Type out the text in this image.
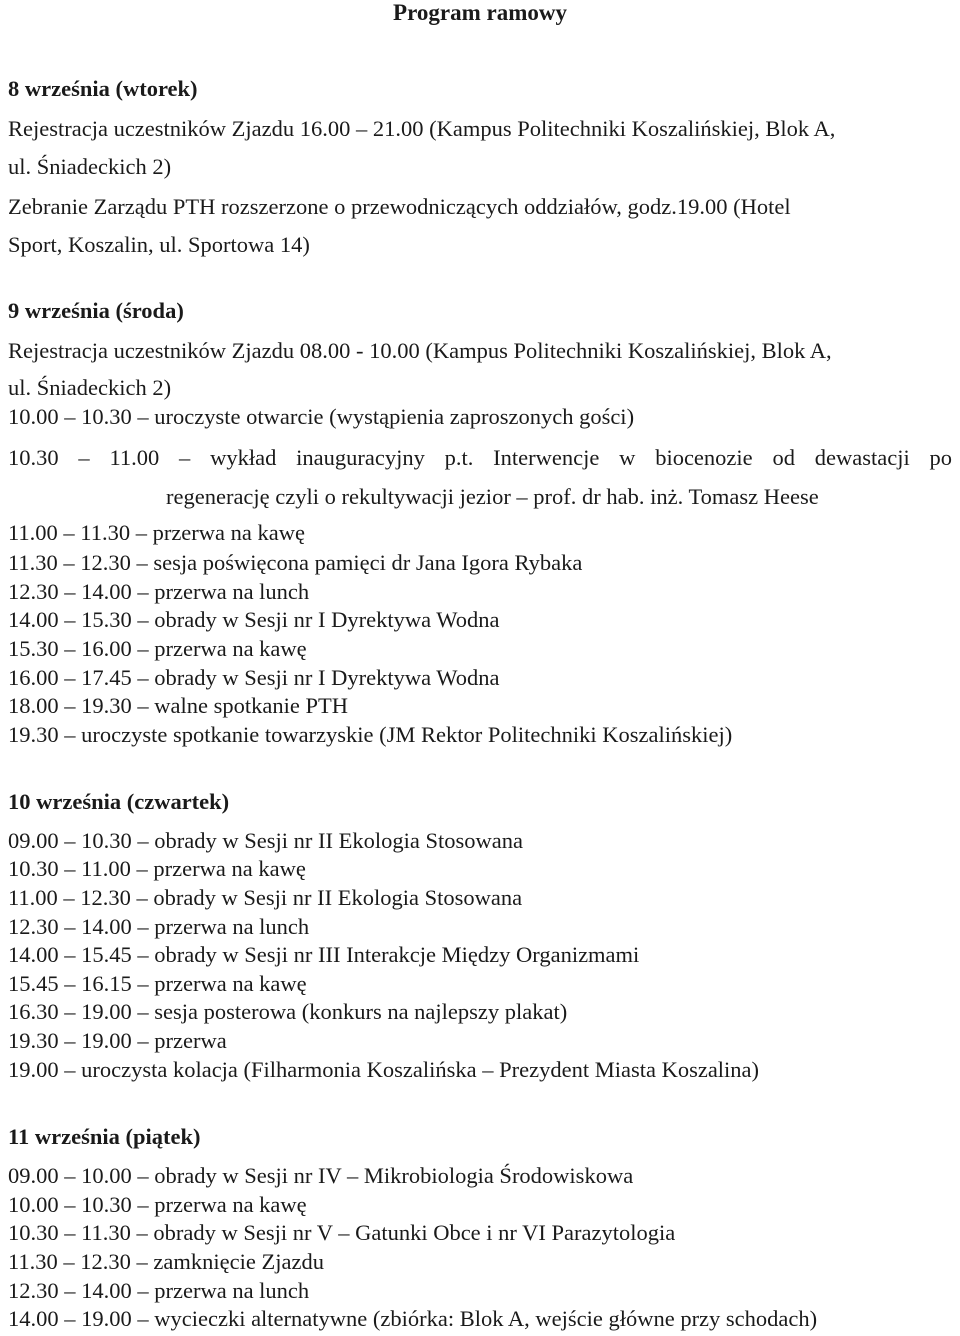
Program ramowy
8 września (wtorek)
Rejestracja uczestników Zjazdu 16.00 – 21.00 (Kampus Politechniki Koszalińskiej, Blok A,
ul. Śniadeckich 2)
Zebranie Zarządu PTH rozszerzone o przewodniczących oddziałów, godz.19.00 (Hotel
Sport, Koszalin, ul. Sportowa 14)
9 września (środa)
Rejestracja uczestników Zjazdu 08.00 - 10.00 (Kampus Politechniki Koszalińskiej, Blok A,
ul. Śniadeckich 2)
10.00 – 10.30 – uroczyste otwarcie (wystąpienia zaproszonych gości)
10.30 – 11.00 – wykład inauguracyjny p.t. Interwencje w biocenozie od dewastacji po
regenerację czyli o rekultywacji jezior – prof. dr hab. inż. Tomasz Heese
11.00 – 11.30 – przerwa na kawę
11.30 – 12.30 – sesja poświęcona pamięci dr Jana Igora Rybaka
12.30 – 14.00 – przerwa na lunch
14.00 – 15.30 – obrady w Sesji nr I Dyrektywa Wodna
15.30 – 16.00 – przerwa na kawę
16.00 – 17.45 – obrady w Sesji nr I Dyrektywa Wodna
18.00 – 19.30 – walne spotkanie PTH
19.30 – uroczyste spotkanie towarzyskie (JM Rektor Politechniki Koszalińskiej)
10 września (czwartek)
09.00 – 10.30 – obrady w Sesji nr II Ekologia Stosowana
10.30 – 11.00 – przerwa na kawę
11.00 – 12.30 – obrady w Sesji nr II Ekologia Stosowana
12.30 – 14.00 – przerwa na lunch
14.00 – 15.45 – obrady w Sesji nr III Interakcje Między Organizmami
15.45 – 16.15 – przerwa na kawę
16.30 – 19.00 – sesja posterowa (konkurs na najlepszy plakat)
19.30 – 19.00 – przerwa
19.00 – uroczysta kolacja (Filharmonia Koszalińska – Prezydent Miasta Koszalina)
11 września (piątek)
09.00 – 10.00 – obrady w Sesji nr IV – Mikrobiologia Środowiskowa
10.00 – 10.30 – przerwa na kawę
10.30 – 11.30 – obrady w Sesji nr V – Gatunki Obce i nr VI Parazytologia
11.30 – 12.30 – zamknięcie Zjazdu
12.30 – 14.00 – przerwa na lunch
14.00 – 19.00 – wycieczki alternatywne (zbiórka: Blok A, wejście główne przy schodach)
